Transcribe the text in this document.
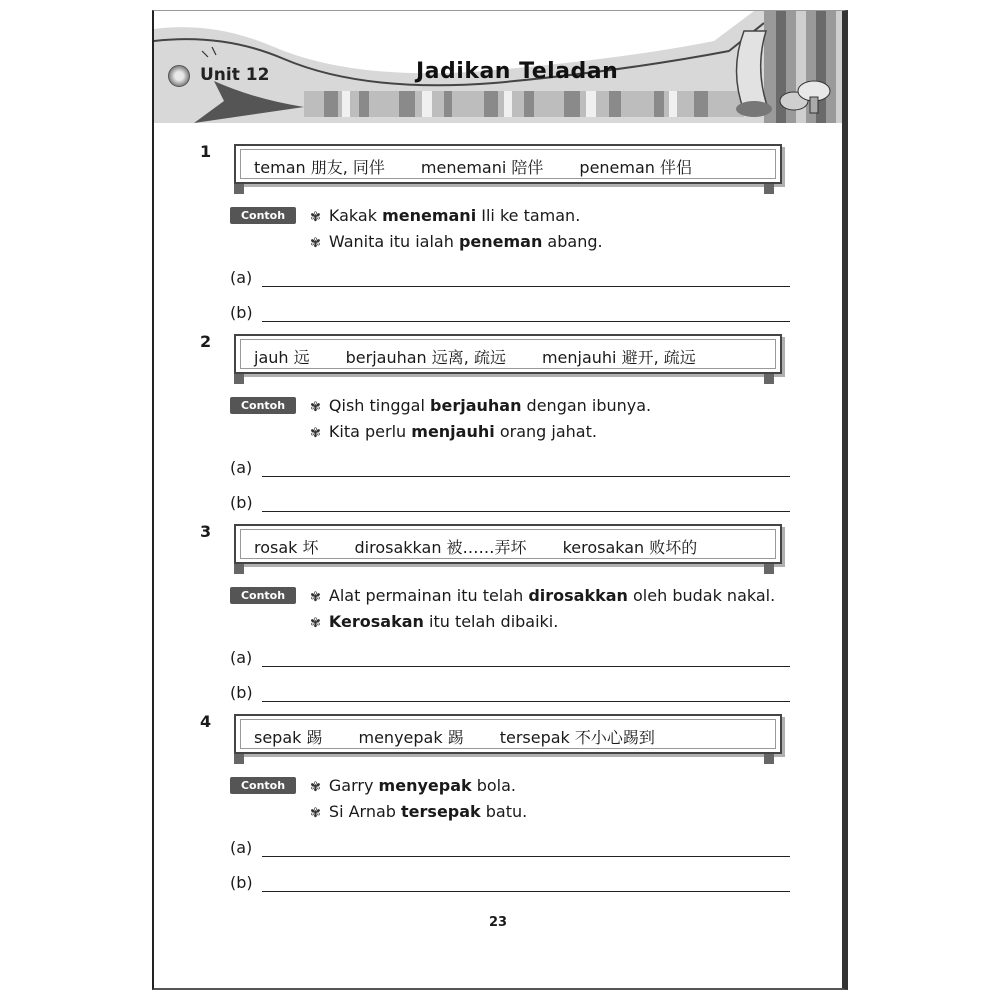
Unit 12	Jadikan Teladan
1
teman 朋友, 同伴 menemani 陪伴 peneman 伴侣
Contoh	✾ Kakak menemani Ili ke taman.
✾ Wanita itu ialah peneman abang.
(a)
(b)
2
jauh 远 berjauhan 远离, 疏远 menjauhi 避开, 疏远
Contoh	✾ Qish tinggal berjauhan dengan ibunya.
✾ Kita perlu menjauhi orang jahat.
(a)
(b)
3
rosak 坏 dirosakkan 被……弄坏 kerosakan 败坏的
Contoh	✾ Alat permainan itu telah dirosakkan oleh budak nakal.
✾ Kerosakan itu telah dibaiki.
(a)
(b)
4
sepak 踢 menyepak 踢 tersepak 不小心踢到
Contoh	✾ Garry menyepak bola.
✾ Si Arnab tersepak batu.
(a)
(b)
23
